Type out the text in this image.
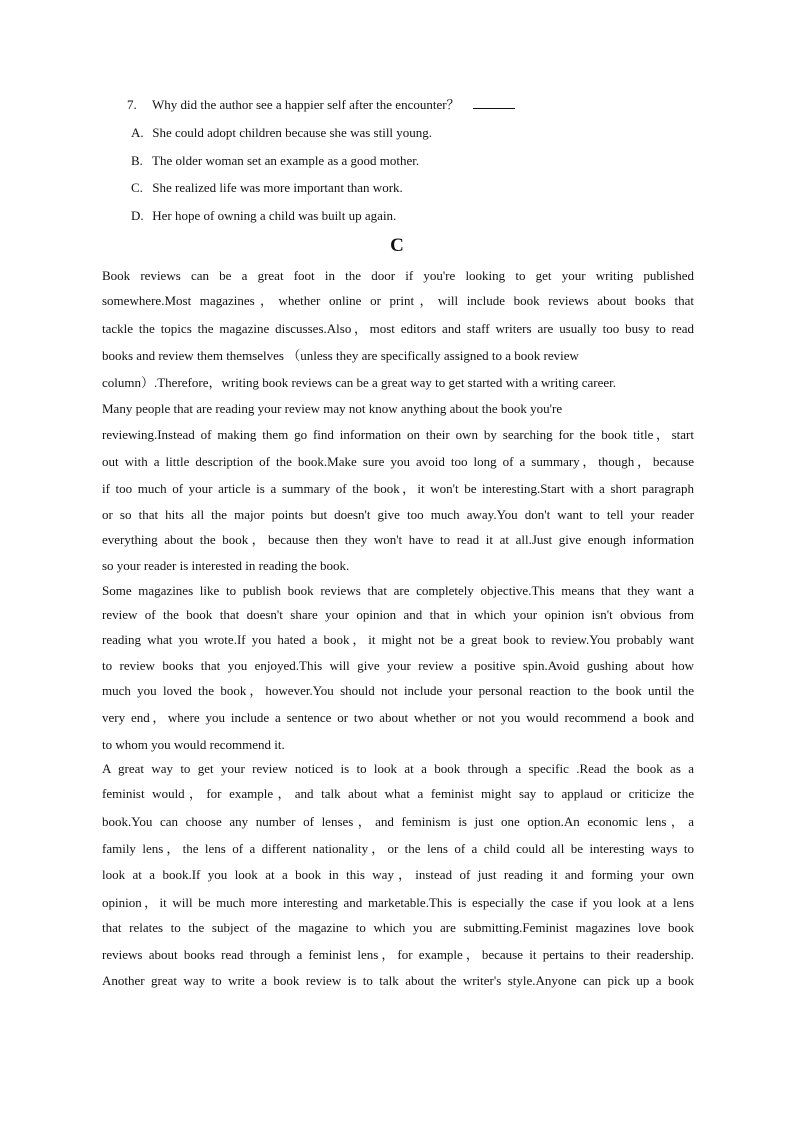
7. Why did the author see a happier self after the encounter？
A. She could adopt children because she was still young.
B. The older woman set an example as a good mother.
C. She realized life was more important than work.
D. Her hope of owning a child was built up again.
C
Book reviews can be a great foot in the door if you're looking to get your writing published
somewhere.Most magazines，whether online or print，will include book reviews about books that
tackle the topics the magazine discusses.Also，most editors and staff writers are usually too busy to read
books and review them themselves （unless they are specifically assigned to a book review
column）.Therefore，writing book reviews can be a great way to get started with a writing career.
Many people that are reading your review may not know anything about the book you're
reviewing.Instead of making them go find information on their own by searching for the book title，start
out with a little description of the book.Make sure you avoid too long of a summary，though，because
if too much of your article is a summary of the book，it won't be interesting.Start with a short paragraph
or so that hits all the major points but doesn't give too much away.You don't want to tell your reader
everything about the book，because then they won't have to read it at all.Just give enough information
so your reader is interested in reading the book.
Some magazines like to publish book reviews that are completely objective.This means that they want a
review of the book that doesn't share your opinion and that in which your opinion isn't obvious from
reading what you wrote.If you hated a book，it might not be a great book to review.You probably want
to review books that you enjoyed.This will give your review a positive spin.Avoid gushing about how
much you loved the book，however.You should not include your personal reaction to the book until the
very end，where you include a sentence or two about whether or not you would recommend a book and
to whom you would recommend it.
A great way to get your review noticed is to look at a book through a specific .Read the book as a
feminist would，for example，and talk about what a feminist might say to applaud or criticize the
book.You can choose any number of lenses，and feminism is just one option.An economic lens，a
family lens，the lens of a different nationality，or the lens of a child could all be interesting ways to
look at a book.If you look at a book in this way，instead of just reading it and forming your own
opinion，it will be much more interesting and marketable.This is especially the case if you look at a lens
that relates to the subject of the magazine to which you are submitting.Feminist magazines love book
reviews about books read through a feminist lens，for example，because it pertains to their readership.
Another great way to write a book review is to talk about the writer's style.Anyone can pick up a book
